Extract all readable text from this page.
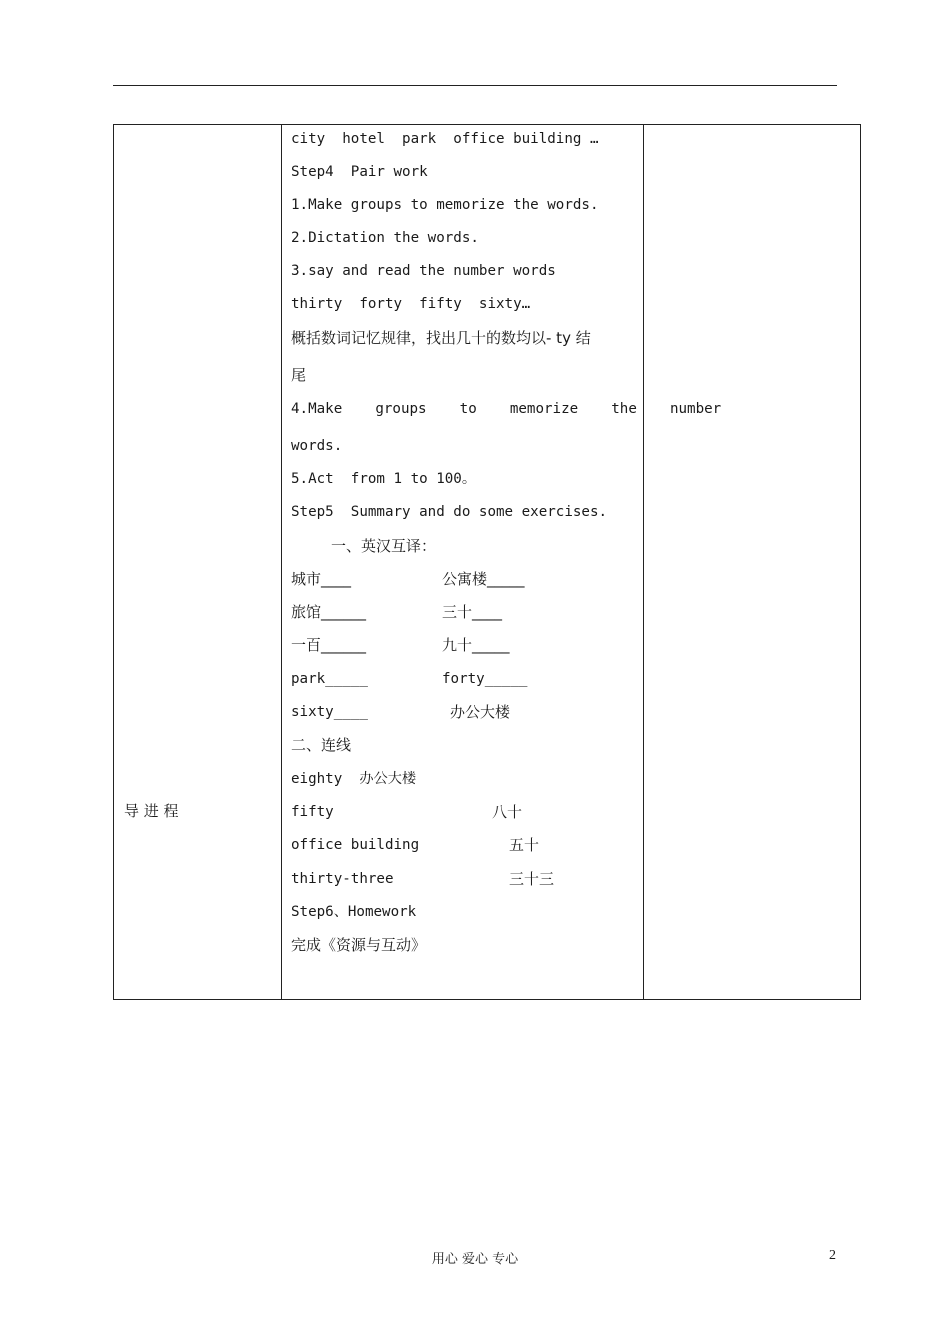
导 进 程
city  hotel  park  office building …
Step4  Pair work
1.Make groups to memorize the words.
2.Dictation the words.
3.say and read the number words
thirty  forty  fifty  sixty…
概括数词记忆规律，找出几十的数均以- ty 结
尾
4.Make  groups  to  memorize  the  number
words.
5.Act  from 1 to 100。
Step5  Summary and do some exercises.
一、英汉互译：
城市____	公寓楼_____
旅馆______	三十____
一百______	九十_____
park_____	forty_____
sixty____	办公大楼
二、连线
eighty  办公大楼
fifty	八十
office building	五十
thirty-three	三十三
Step6、Homework
完成《资源与互动》
用心 爱心 专心	2
